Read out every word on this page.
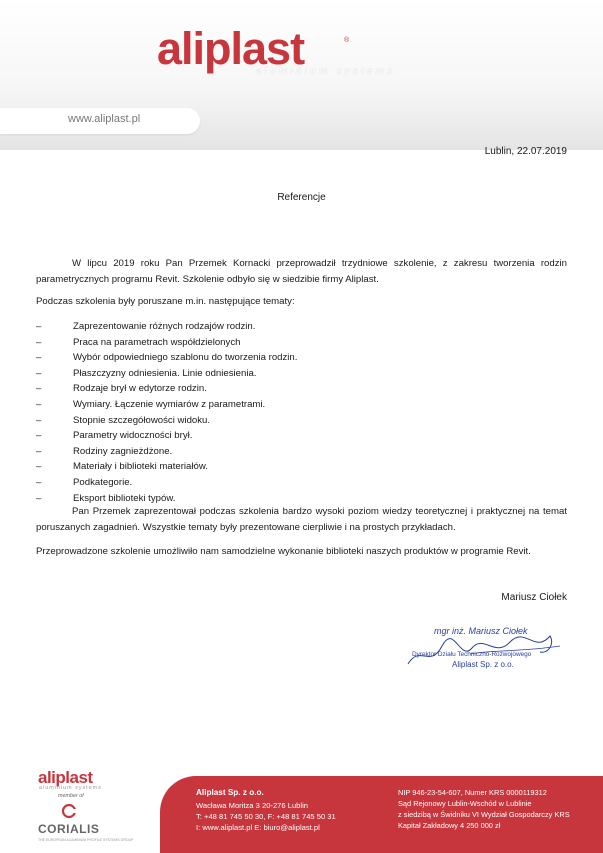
aliplast	®
aluminium systems
www.aliplast.pl
Lublin, 22.07.2019
Referencje
W lipcu 2019 roku Pan Przemek Kornacki przeprowadził trzydniowe szkolenie, z zakresu tworzenia rodzin parametrycznych programu Revit. Szkolenie odbyło się w siedzibie firmy Aliplast.
Podczas szkolenia były poruszane m.in. następujące tematy:
–	Zaprezentowanie różnych rodzajów rodzin.
–	Praca na parametrach współdzielonych
–	Wybór odpowiedniego szablonu do tworzenia rodzin.
–	Płaszczyzny odniesienia. Linie odniesienia.
–	Rodzaje brył w edytorze rodzin.
–	Wymiary. Łączenie wymiarów z parametrami.
–	Stopnie szczegółowości widoku.
–	Parametry widoczności brył.
–	Rodziny zagnieżdżone.
–	Materiały i biblioteki materiałów.
–	Podkategorie.
–	Eksport biblioteki typów.
Pan Przemek zaprezentował podczas szkolenia bardzo wysoki poziom wiedzy teoretycznej i praktycznej na temat poruszanych zagadnień. Wszystkie tematy były prezentowane cierpliwie i na prostych przykładach.
Przeprowadzone szkolenie umożliwiło nam samodzielne wykonanie biblioteki naszych produktów w programie Revit.
Mariusz Ciołek
mgr inż. Mariusz Ciołek
Dyrektor Działu Techniczno-Rozwojowego
Aliplast Sp. z o.o.
aliplast
aluminium systems
member of
CORIALIS
THE EUROPEAN ALUMINIUM PROFILE SYSTEMS GROUP
Aliplast Sp. z o.o.
Wacława Moritza 3 20-276 Lublin
T: +48 81 745 50 30, F: +48 81 745 50 31
I: www.aliplast.pl E: biuro@aliplast.pl
NIP 946-23-54-607, Numer KRS 0000119312
Sąd Rejonowy Lublin-Wschód w Lublinie
z siedzibą w Świdniku VI Wydział Gospodarczy KRS
Kapitał Zakładowy 4 250 000 zł
